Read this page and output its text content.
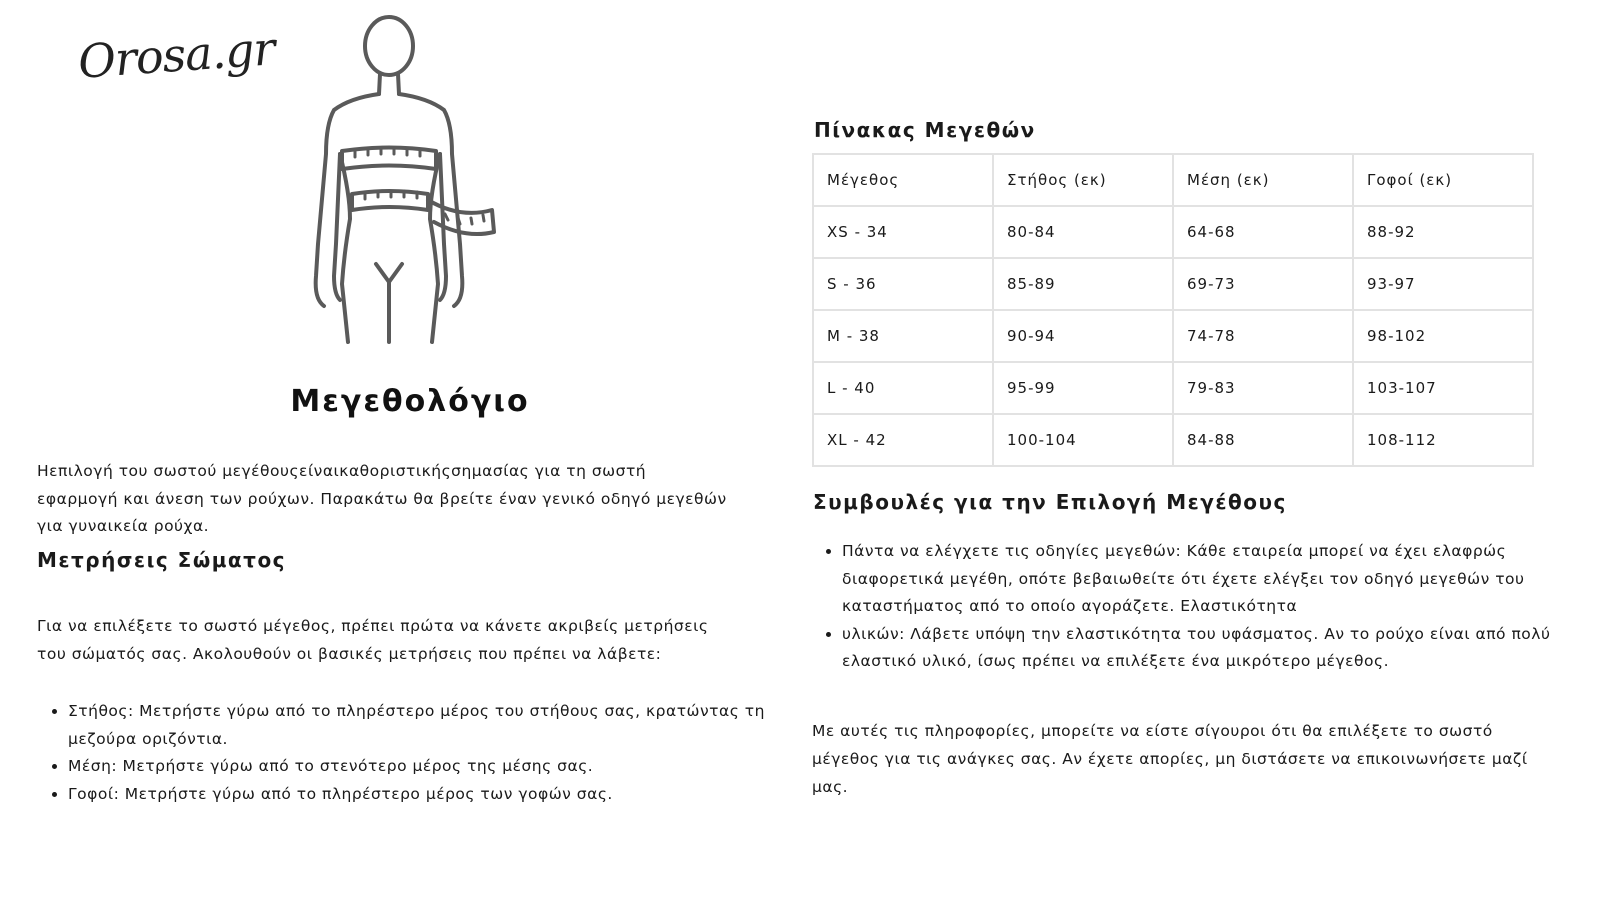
Orosa.gr
Μεγεθολόγιο
Ηεπιλογή του σωστού μεγέθουςείναικαθοριστικήςσημασίας για τη σωστή εφαρμογή και άνεση των ρούχων. Παρακάτω θα βρείτε έναν γενικό οδηγό μεγεθών για γυναικεία ρούχα.
Μετρήσεις Σώματος
Για να επιλέξετε το σωστό μέγεθος, πρέπει πρώτα να κάνετε ακριβείς μετρήσεις του σώματός σας. Ακολουθούν οι βασικές μετρήσεις που πρέπει να λάβετε:
• Στήθος: Μετρήστε γύρω από το πληρέστερο μέρος του στήθους σας, κρατώντας τη μεζούρα οριζόντια.
• Μέση: Μετρήστε γύρω από το στενότερο μέρος της μέσης σας.
• Γοφοί: Μετρήστε γύρω από το πληρέστερο μέρος των γοφών σας.
Πίνακας Μεγεθών
Μέγεθος	Στήθος (εκ)	Μέση (εκ)	Γοφοί (εκ)
XS - 34	80-84	64-68	88-92
S - 36	85-89	69-73	93-97
M - 38	90-94	74-78	98-102
L - 40	95-99	79-83	103-107
XL - 42	100-104	84-88	108-112
Συμβουλές για την Επιλογή Μεγέθους
• Πάντα να ελέγχετε τις οδηγίες μεγεθών: Κάθε εταιρεία μπορεί να έχει ελαφρώς διαφορετικά μεγέθη, οπότε βεβαιωθείτε ότι έχετε ελέγξει τον οδηγό μεγεθών του καταστήματος από το οποίο αγοράζετε. Ελαστικότητα
• υλικών: Λάβετε υπόψη την ελαστικότητα του υφάσματος. Αν το ρούχο είναι από πολύ ελαστικό υλικό, ίσως πρέπει να επιλέξετε ένα μικρότερο μέγεθος.
Με αυτές τις πληροφορίες, μπορείτε να είστε σίγουροι ότι θα επιλέξετε το σωστό μέγεθος για τις ανάγκες σας. Αν έχετε απορίες, μη διστάσετε να επικοινωνήσετε μαζί μας.
